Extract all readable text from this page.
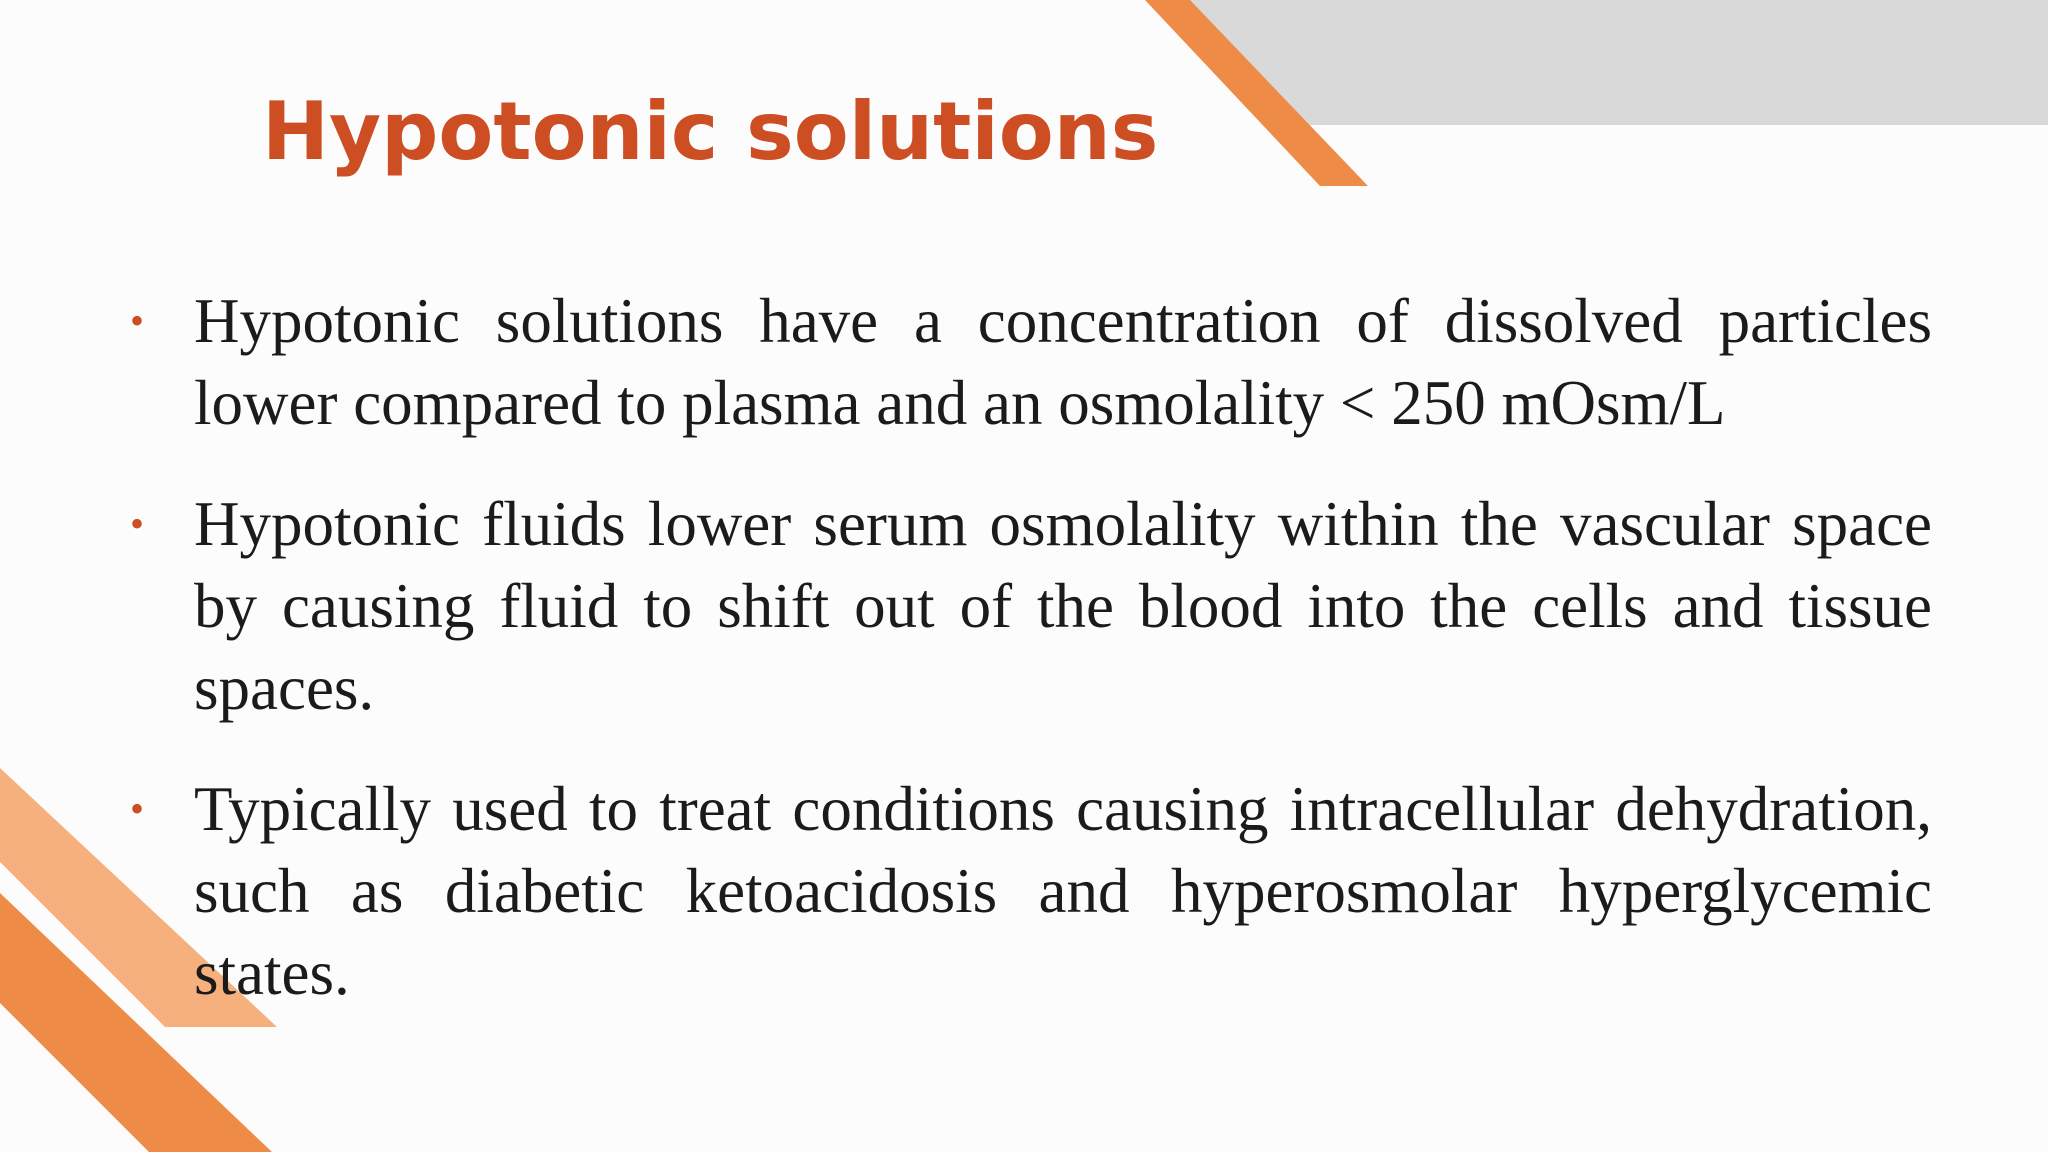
Hypotonic solutions
• Hypotonic solutions have a concentration of dissolved particles lower compared to plasma and an osmolality < 250 mOsm/L
• Hypotonic fluids lower serum osmolality within the vascular space by causing fluid to shift out of the blood into the cells and tissue spaces.
• Typically used to treat conditions causing intracellular dehydration, such as diabetic ketoacidosis and hyperosmolar hyperglycemic states.
